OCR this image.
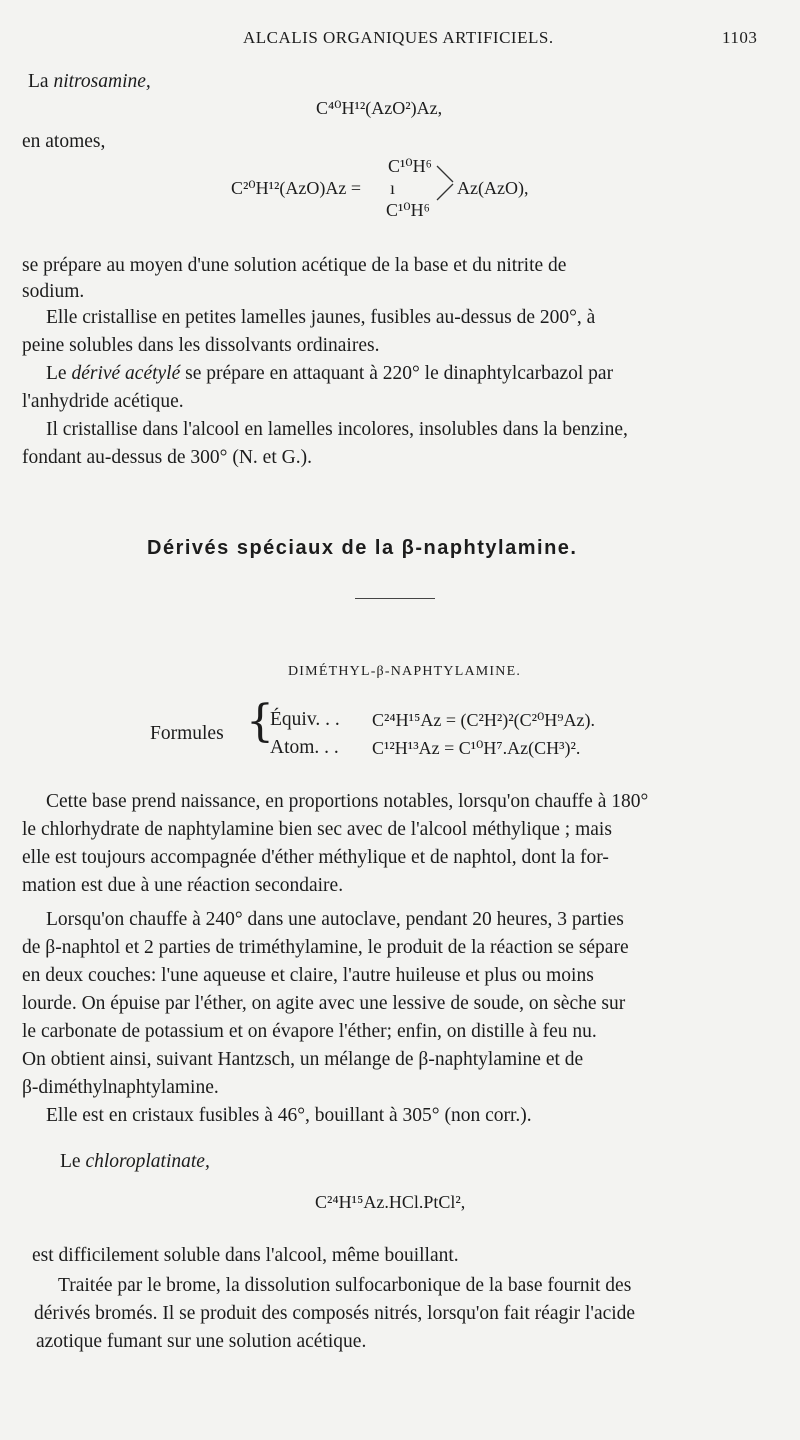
ALCALIS ORGANIQUES ARTIFICIELS.	1103
La nitrosamine,
C⁴⁰H¹²(AzO²)Az,
en atomes,
C¹⁰H⁶
C²⁰H¹²(AzO)Az = ı	Az(AzO),
C¹⁰H⁶
se prépare au moyen d'une solution acétique de la base et du nitrite de
sodium.
Elle cristallise en petites lamelles jaunes, fusibles au-dessus de 200°, à
peine solubles dans les dissolvants ordinaires.
Le dérivé acétylé se prépare en attaquant à 220° le dinaphtylcarbazol par
l'anhydride acétique.
Il cristallise dans l'alcool en lamelles incolores, insolubles dans la benzine,
fondant au-dessus de 300° (N. et G.).
Dérivés spéciaux de la β-naphtylamine.
DIMÉTHYL-β-NAPHTYLAMINE.
Formules {
Équiv. . . C²⁴H¹⁵Az = (C²H²)²(C²⁰H⁹Az).
Atom. . . C¹²H¹³Az = C¹⁰H⁷.Az(CH³)².
Cette base prend naissance, en proportions notables, lorsqu'on chauffe à 180°
le chlorhydrate de naphtylamine bien sec avec de l'alcool méthylique ; mais
elle est toujours accompagnée d'éther méthylique et de naphtol, dont la for-
mation est due à une réaction secondaire.
Lorsqu'on chauffe à 240° dans une autoclave, pendant 20 heures, 3 parties
de β-naphtol et 2 parties de triméthylamine, le produit de la réaction se sépare
en deux couches: l'une aqueuse et claire, l'autre huileuse et plus ou moins
lourde. On épuise par l'éther, on agite avec une lessive de soude, on sèche sur
le carbonate de potassium et on évapore l'éther; enfin, on distille à feu nu.
On obtient ainsi, suivant Hantzsch, un mélange de β-naphtylamine et de
β-diméthylnaphtylamine.
Elle est en cristaux fusibles à 46°, bouillant à 305° (non corr.).
Le chloroplatinate,
C²⁴H¹⁵Az.HCl.PtCl²,
est difficilement soluble dans l'alcool, même bouillant.
Traitée par le brome, la dissolution sulfocarbonique de la base fournit des
dérivés bromés. Il se produit des composés nitrés, lorsqu'on fait réagir l'acide
azotique fumant sur une solution acétique.
